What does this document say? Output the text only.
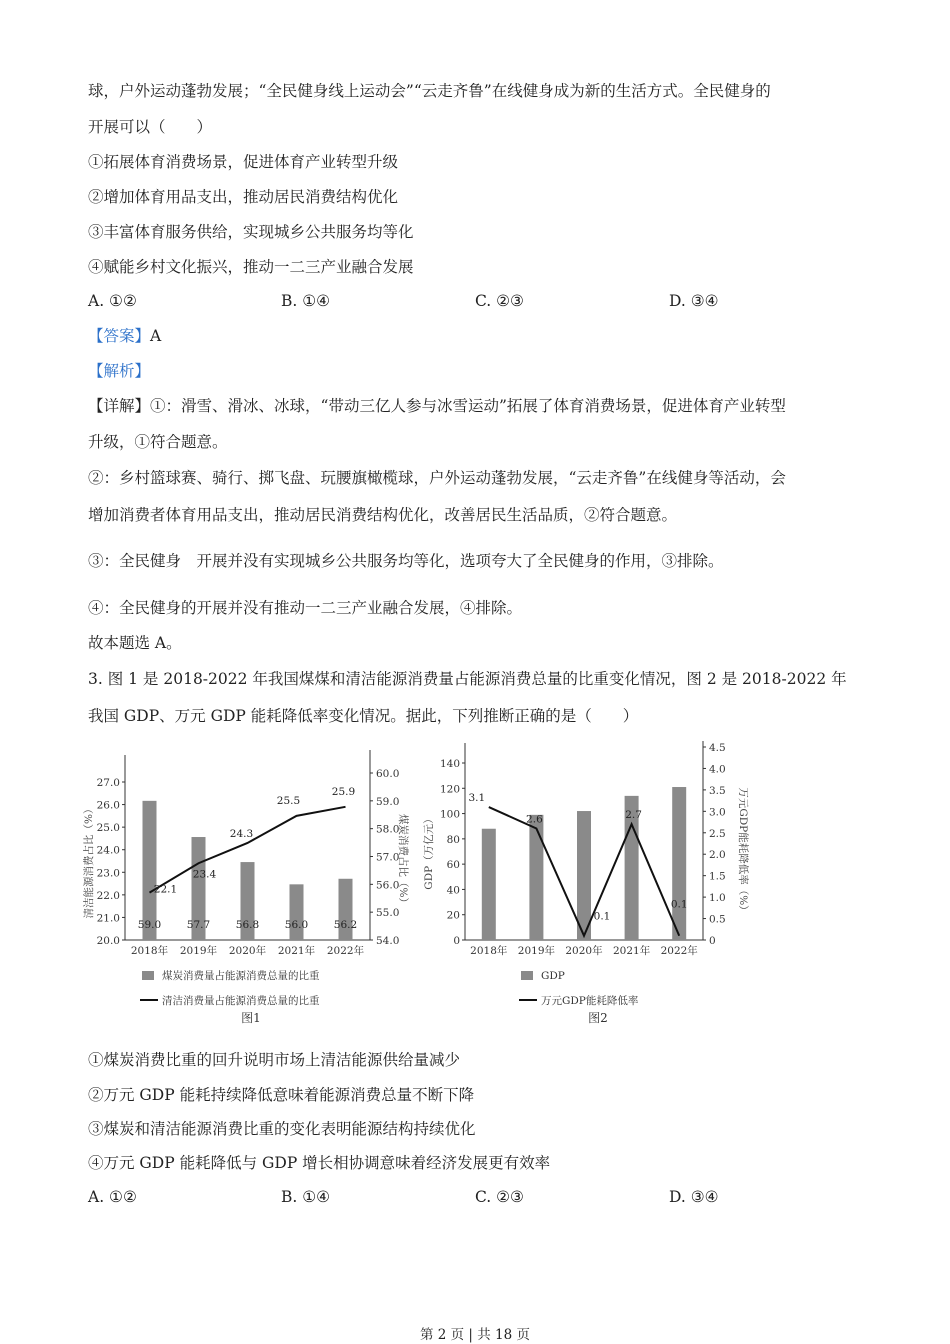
球，户外运动蓬勃发展；“全民健身线上运动会”“云走齐鲁”在线健身成为新的生活方式。全民健身的
开展可以（　　）
①拓展体育消费场景，促进体育产业转型升级
②增加体育用品支出，推动居民消费结构优化
③丰富体育服务供给，实现城乡公共服务均等化
④赋能乡村文化振兴，推动一二三产业融合发展
A. ①②	B. ①④	C. ②③	D. ③④
【答案】A
【解析】
【详解】①：滑雪、滑冰、冰球，“带动三亿人参与冰雪运动”拓展了体育消费场景，促进体育产业转型
升级，①符合题意。
②：乡村篮球赛、骑行、掷飞盘、玩腰旗橄榄球，户外运动蓬勃发展，“云走齐鲁”在线健身等活动，会
增加消费者体育用品支出，推动居民消费结构优化，改善居民生活品质，②符合题意。
③：全民健身　开展并没有实现城乡公共服务均等化，选项夸大了全民健身的作用，③排除。
④：全民健身的开展并没有推动一二三产业融合发展，④排除。
故本题选 A。
3. 图 1 是 2018-2022 年我国煤煤和清洁能源消费量占能源消费总量的比重变化情况，图 2 是 2018-2022 年
我国 GDP、万元 GDP 能耗降低率变化情况。据此，下列推断正确的是（　　）
20.0
21.0
22.0
23.0
24.0
25.0
26.0
27.0
54.0
55.0
56.0
57.0
58.0
59.0
60.0
2018年 2019年 2020年 2021年 2022年
清洁能源消费占比（%）	煤炭消费占比（%）
59.0 57.7 56.8 56.0 56.2
22.1
23.4
24.3
25.5
25.9
煤炭消费量占能源消费总量的比重
清洁消费量占能源消费总量的比重
图1
0
20
40
60
80
100
120
140
0
0.5
1.0
1.5
2.0
2.5
3.0
3.5
4.0
4.5
2018年 2019年 2020年 2021年 2022年
GDP（万亿元）	万元GDP能耗降低率（%）
3.1
2.6
0.1
2.7
0.1
GDP
万元GDP能耗降低率
图2
①煤炭消费比重的回升说明市场上清洁能源供给量减少
②万元 GDP 能耗持续降低意味着能源消费总量不断下降
③煤炭和清洁能源消费比重的变化表明能源结构持续优化
④万元 GDP 能耗降低与 GDP 增长相协调意味着经济发展更有效率
A. ①②	B. ①④	C. ②③	D. ③④
第 2 页 | 共 18 页
